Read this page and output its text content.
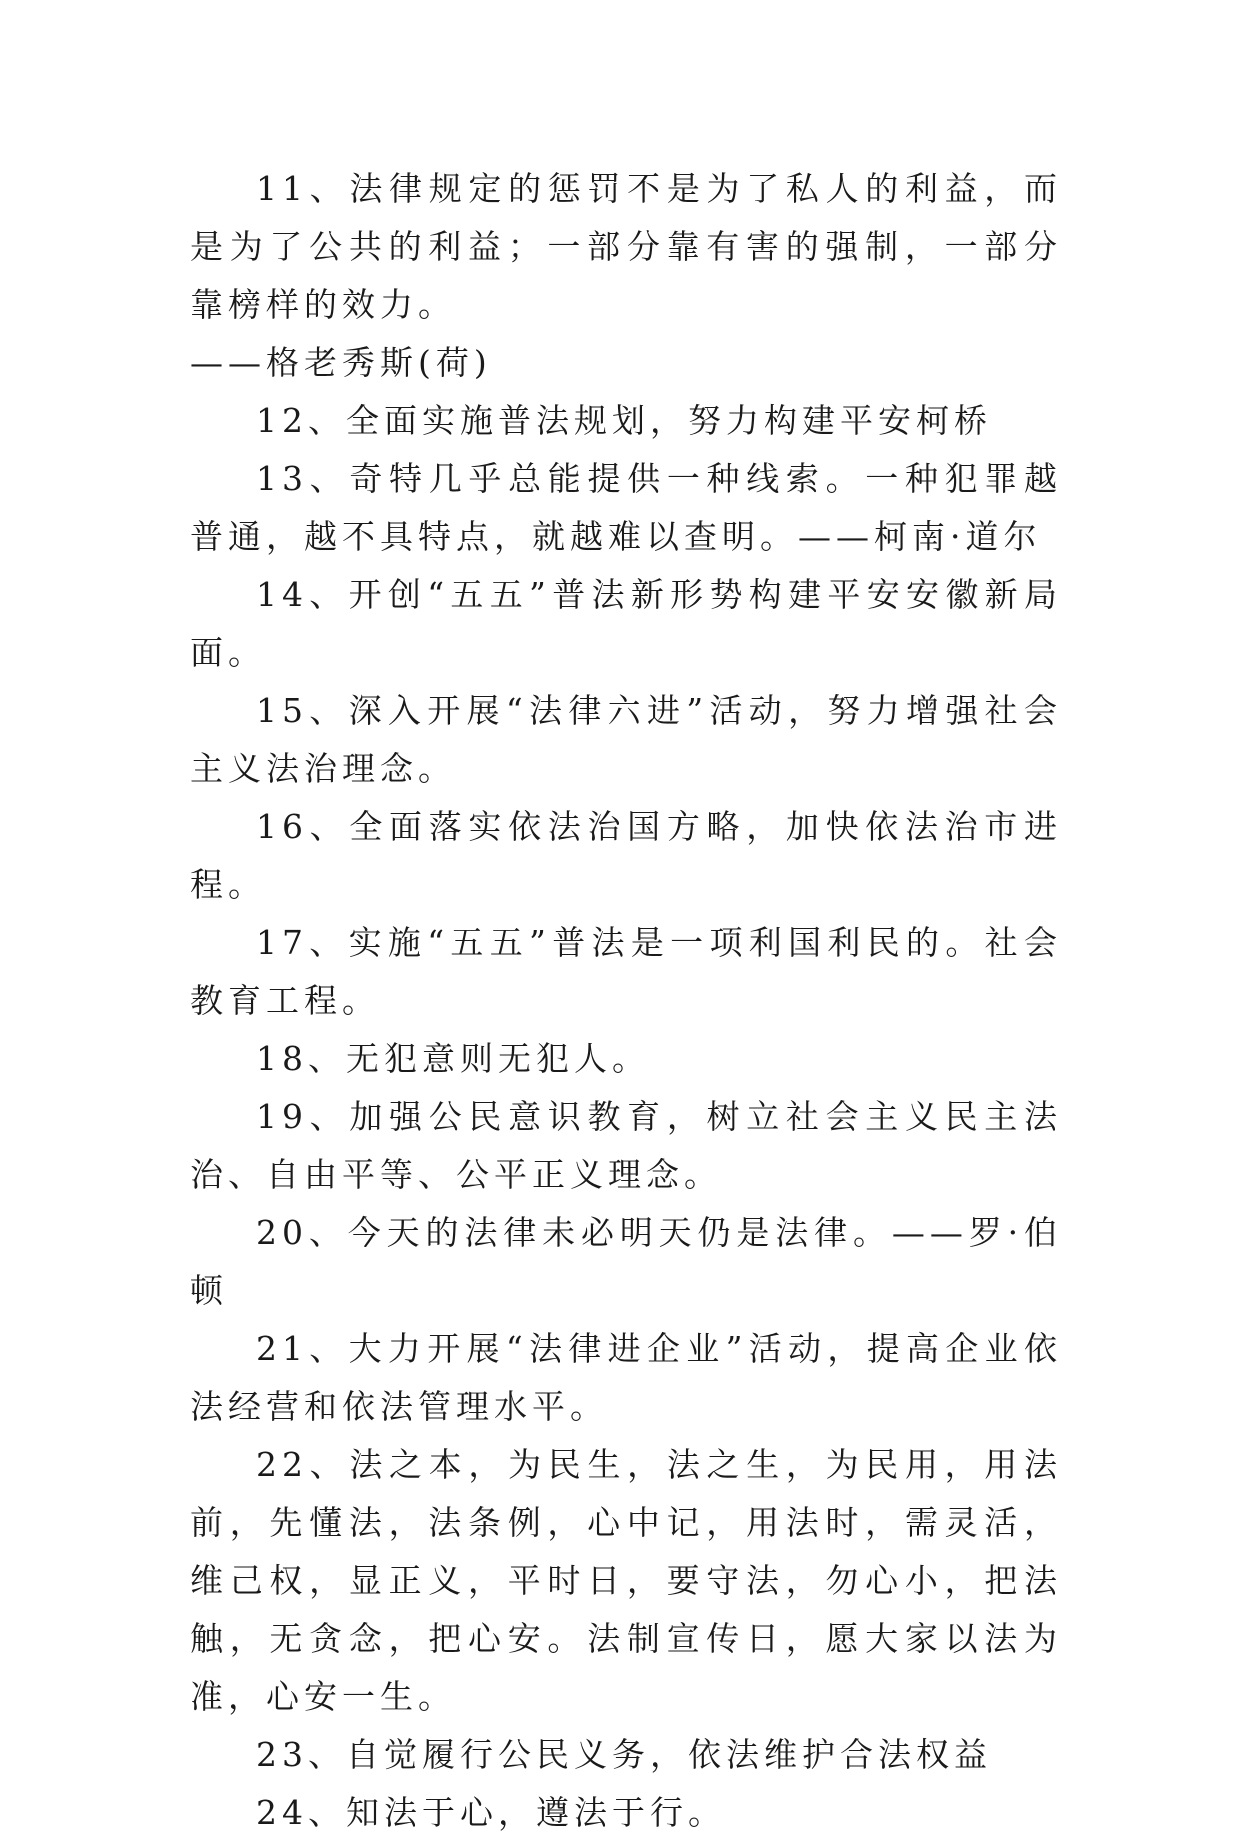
11、法律规定的惩罚不是为了私人的利益，而是为了公共的利益；一部分靠有害的强制，一部分靠榜样的效力。

——格老秀斯(荷)

12、全面实施普法规划，努力构建平安柯桥

13、奇特几乎总能提供一种线索。一种犯罪越普通，越不具特点，就越难以查明。——柯南·道尔

14、开创“五五”普法新形势构建平安安徽新局面。

15、深入开展“法律六进”活动，努力增强社会主义法治理念。

16、全面落实依法治国方略，加快依法治市进程。

17、实施“五五”普法是一项利国利民的。社会教育工程。

18、无犯意则无犯人。

19、加强公民意识教育，树立社会主义民主法治、自由平等、公平正义理念。

20、今天的法律未必明天仍是法律。——罗·伯顿

21、大力开展“法律进企业”活动，提高企业依法经营和依法管理水平。

22、法之本，为民生，法之生，为民用，用法前，先懂法，法条例，心中记，用法时，需灵活，维己权，显正义，平时日，要守法，勿心小，把法触，无贪念，把心安。法制宣传日，愿大家以法为准，心安一生。

23、自觉履行公民义务，依法维护合法权益

24、知法于心，遵法于行。
